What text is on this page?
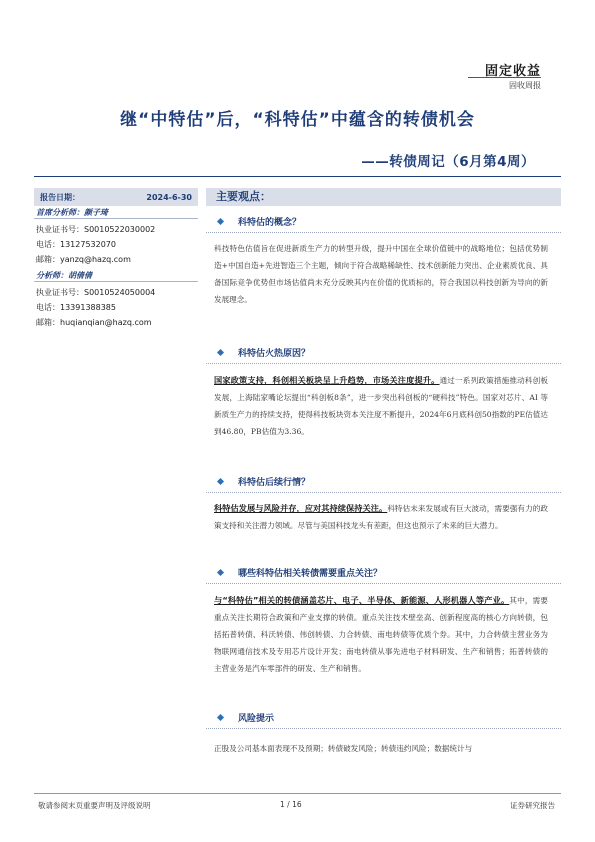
固定收益
固收周报
继“中特估”后，“科特估”中蕴含的转债机会
——转债周记（6月第4周）
报告日期：	2024-6-30
首席分析师：颜子琦
执业证书号：S0010522030002
电话：13127532070
邮箱：yanzq@hazq.com
分析师：胡倩倩
执业证书号：S0010524050004
电话：13391388385
邮箱：huqianqian@hazq.com
主要观点：
科特估的概念？
科技特色估值旨在促进新质生产力的转型升级，提升中国在全球价值链中的战略地位；包括优势制造+中国自造+先进智造三个主题，倾向于符合战略稀缺性、技术创新能力突出、企业素质优良、具备国际竞争优势但市场估值尚未充分反映其内在价值的优质标的，符合我国以科技创新为导向的新发展理念。
科特估火热原因？
国家政策支持，科创相关板块呈上升趋势，市场关注度提升。通过一系列政策措施推动科创板发展，上海陆家嘴论坛提出“科创板8条”，进一步突出科创板的“硬科技”特色。国家对芯片、AI 等新质生产力的持续支持，使得科技板块资本关注度不断提升，2024年6月底科创50指数的PE估值达到46.80，PB估值为3.36。
科特估后续行情？
科特估发展与风险并存，应对其持续保持关注。科特估未来发展或有巨大波动，需要强有力的政策支持和关注潜力领域。尽管与美国科技龙头有差距，但这也预示了未来的巨大潜力。
哪些科特估相关转债需要重点关注？
与“科特估”相关的转债涵盖芯片、电子、半导体、新能源、人形机器人等产业。其中，需要重点关注长期符合政策和产业支撑的转债。重点关注技术壁垒高、创新程度高的核心方向转债，包括拓普转债、科沃转债、伟创转债、力合转债、南电转债等优质个券。其中，力合转债主营业务为物联网通信技术及专用芯片设计开发；南电转债从事先进电子材料研发、生产和销售；拓普转债的主营业务是汽车零部件的研发、生产和销售。
风险提示
正股及公司基本面表现不及预期；转债破发风险；转债违约风险；数据统计与
敬请参阅末页重要声明及评级说明	1 / 16	证券研究报告
